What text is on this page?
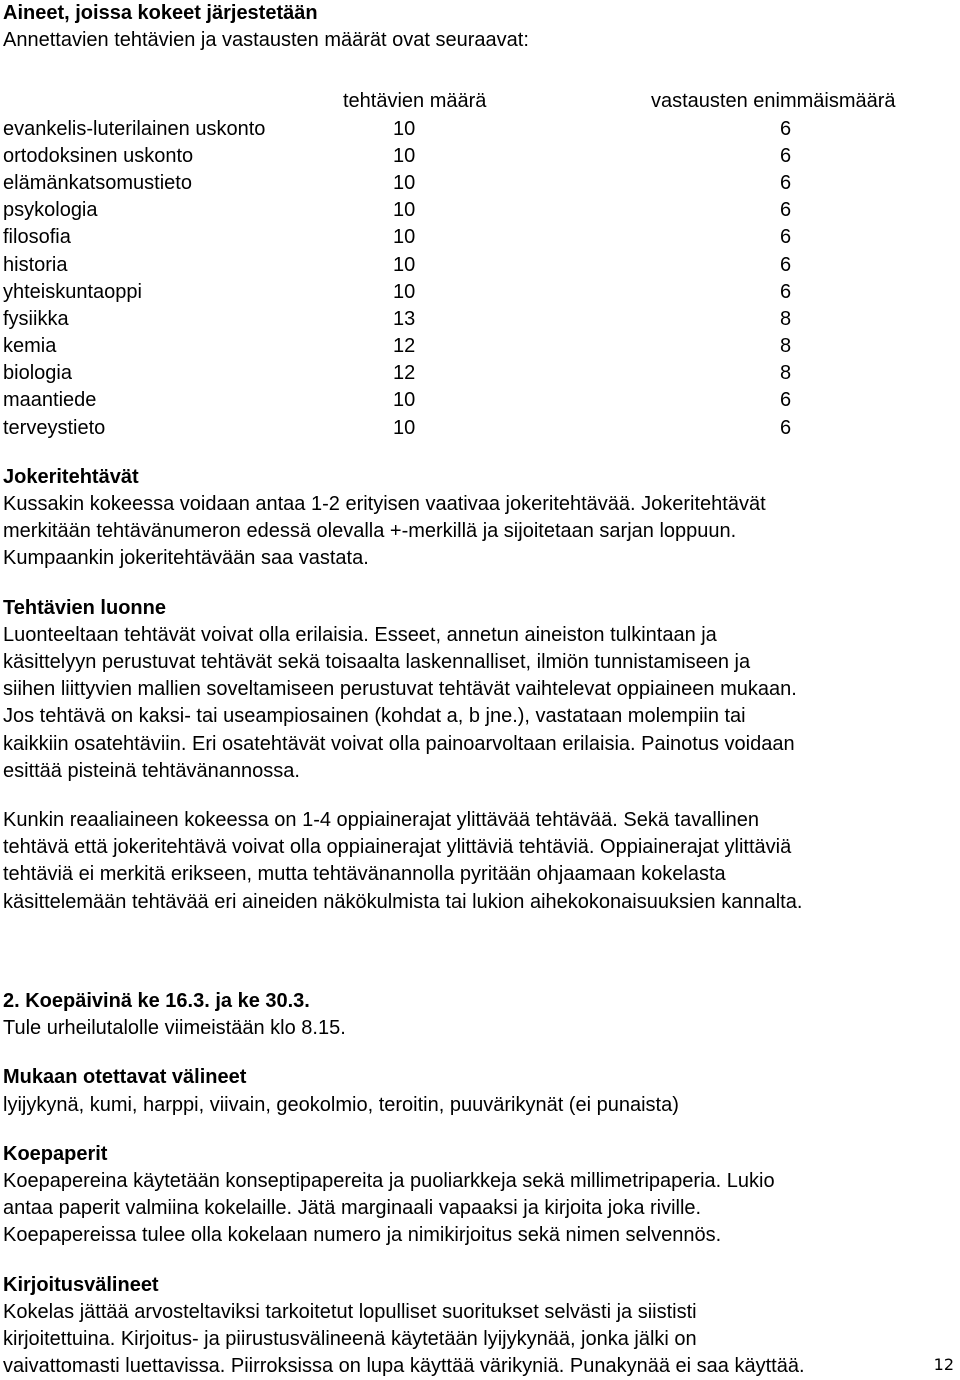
Aineet, joissa kokeet järjestetään

Annettavien tehtävien ja vastausten määrät ovat seuraavat:

tehtävien määrä	vastausten enimmäismäärä
evankelis-luterilainen uskonto	10	6
ortodoksinen uskonto	10	6
elämänkatsomustieto	10	6
psykologia	10	6
filosofia	10	6
historia	10	6
yhteiskuntaoppi	10	6
fysiikka	13	8
kemia	12	8
biologia	12	8
maantiede	10	6
terveystieto	10	6

Jokeritehtävät

Kussakin kokeessa voidaan antaa 1-2 erityisen vaativaa jokeritehtävää. Jokeritehtävät

merkitään tehtävänumeron edessä olevalla +-merkillä ja sijoitetaan sarjan loppuun.

Kumpaankin jokeritehtävään saa vastata.

Tehtävien luonne

Luonteeltaan tehtävät voivat olla erilaisia. Esseet, annetun aineiston tulkintaan ja

käsittelyyn perustuvat tehtävät sekä toisaalta laskennalliset, ilmiön tunnistamiseen ja

siihen liittyvien mallien soveltamiseen perustuvat tehtävät vaihtelevat oppiaineen mukaan.

Jos tehtävä on kaksi- tai useampiosainen (kohdat a, b jne.), vastataan molempiin tai

kaikkiin osatehtäviin. Eri osatehtävät voivat olla painoarvoltaan erilaisia. Painotus voidaan

esittää pisteinä tehtävänannossa.

Kunkin reaaliaineen kokeessa on 1-4 oppiainerajat ylittävää tehtävää. Sekä tavallinen

tehtävä että jokeritehtävä voivat olla oppiainerajat ylittäviä tehtäviä. Oppiainerajat ylittäviä

tehtäviä ei merkitä erikseen, mutta tehtävänannolla pyritään ohjaamaan kokelasta

käsittelemään tehtävää eri aineiden näkökulmista tai lukion aihekokonaisuuksien kannalta.

2. Koepäivinä ke 16.3. ja ke 30.3.

Tule urheilutalolle viimeistään klo 8.15.

Mukaan otettavat välineet

lyijykynä, kumi, harppi, viivain, geokolmio, teroitin, puuvärikynät (ei punaista)

Koepaperit

Koepapereina käytetään konseptipapereita ja puoliarkkeja sekä millimetripaperia. Lukio

antaa paperit valmiina kokelaille. Jätä marginaali vapaaksi ja kirjoita joka riville.

Koepapereissa tulee olla kokelaan numero ja nimikirjoitus sekä nimen selvennös.

Kirjoitusvälineet

Kokelas jättää arvosteltaviksi tarkoitetut lopulliset suoritukset selvästi ja siististi

kirjoitettuina. Kirjoitus- ja piirustusvälineenä käytetään lyijykynää, jonka jälki on

vaivattomasti luettavissa. Piirroksissa on lupa käyttää värikyniä. Punakynää ei saa käyttää.	12
